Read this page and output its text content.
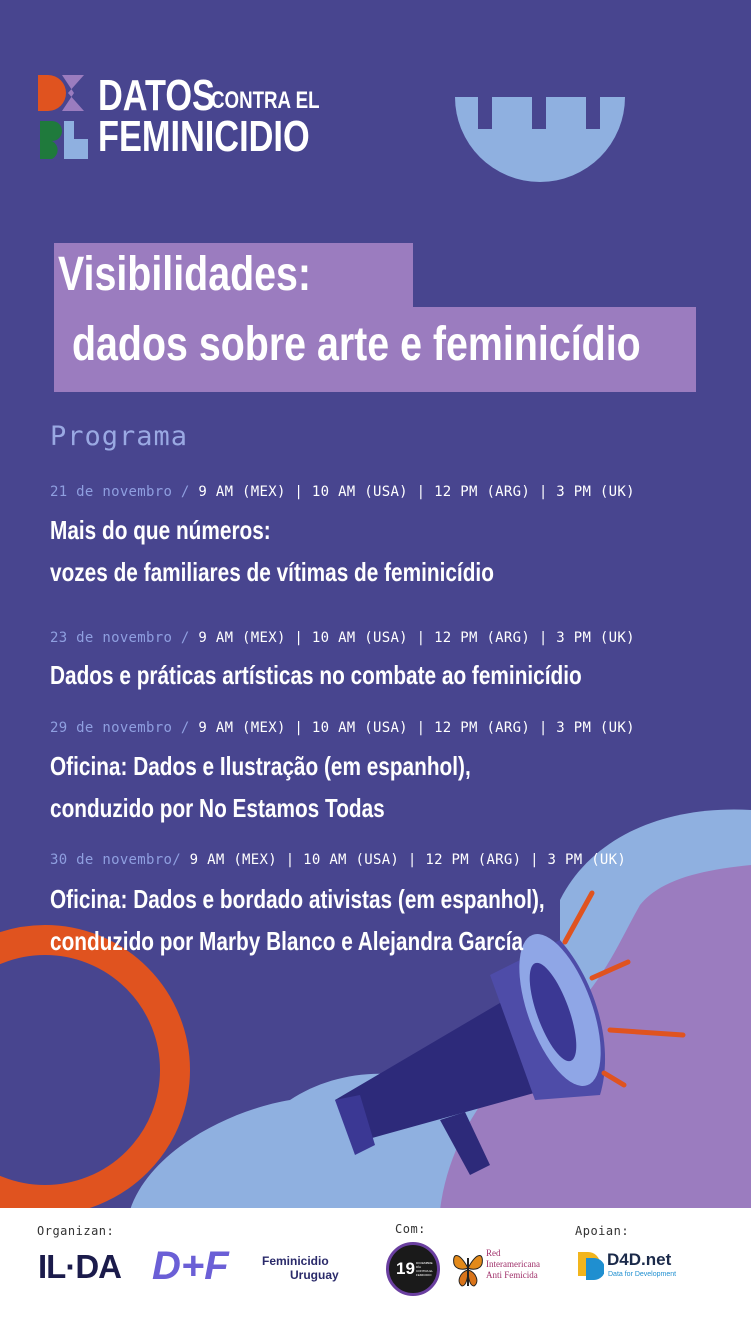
DATOS
CONTRA EL
FEMINICIDIO
Visibilidades:
dados sobre arte e feminicídio
Programa
21 de novembro / 9 AM (MEX) | 10 AM (USA) | 12 PM (ARG) | 3 PM (UK)
Mais do que números:
vozes de familiares de vítimas de feminicídio
23 de novembro / 9 AM (MEX) | 10 AM (USA) | 12 PM (ARG) | 3 PM (UK)
Dados e práticas artísticas no combate ao feminicídio
29 de novembro / 9 AM (MEX) | 10 AM (USA) | 12 PM (ARG) | 3 PM (UK)
Oficina: Dados e Ilustração (em espanhol),
conduzido por No Estamos Todas
30 de novembro/ 9 AM (MEX) | 10 AM (USA) | 12 PM (ARG) | 3 PM (UK)
Oficina: Dados e bordado ativistas (em espanhol),
conduzido por Marby Blanco e Alejandra García
Organizan:	Com:	Apoian:
IL·DA D+F	Feminicidio
Uruguay	19 DICIEMBRE
DÍA
CONTRA EL
FEMICIDIO
Red
Interamericana
Anti Femicida
D4D.net
Data for Development
